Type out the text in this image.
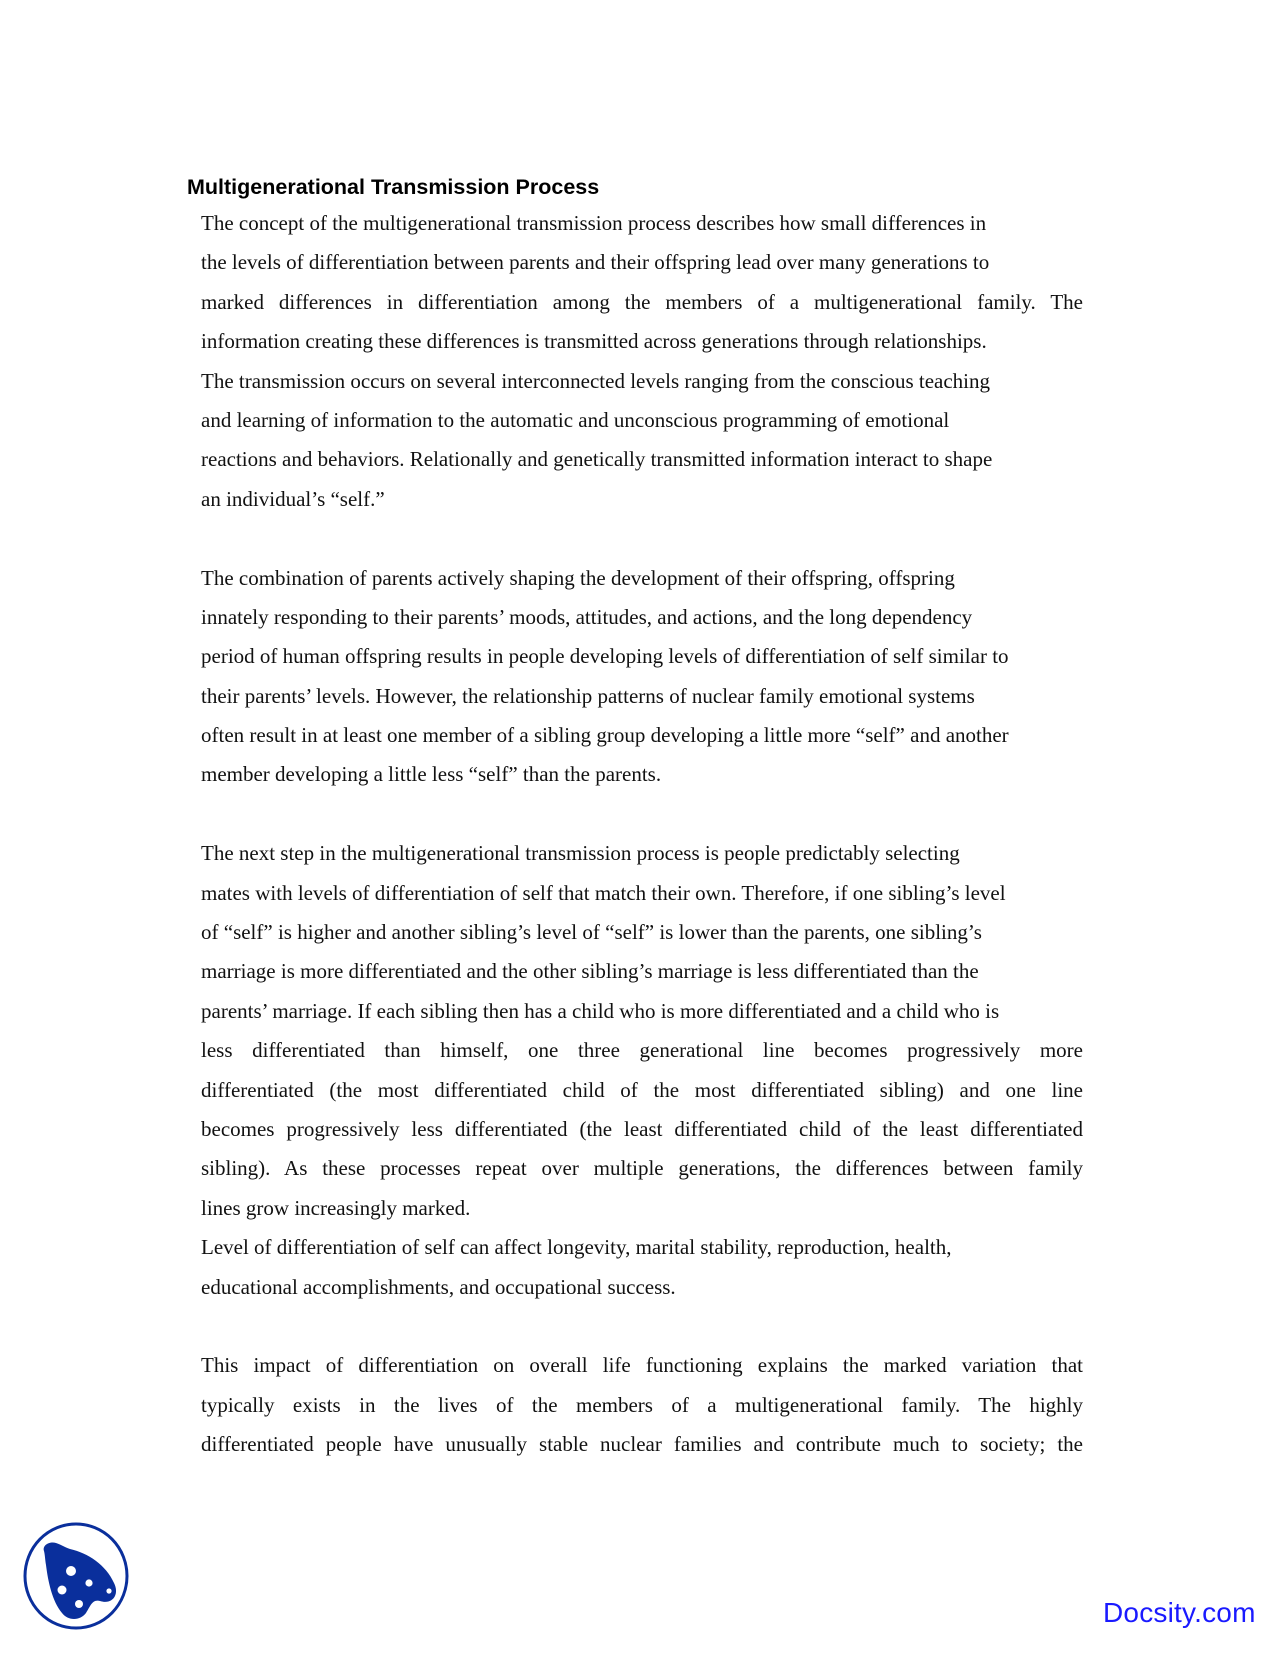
Multigenerational Transmission Process
The concept of the multigenerational transmission process describes how small differences in
the levels of differentiation between parents and their offspring lead over many generations to
marked differences in differentiation among the members of a multigenerational family. The
information creating these differences is transmitted across generations through relationships.
The transmission occurs on several interconnected levels ranging from the conscious teaching
and learning of information to the automatic and unconscious programming of emotional
reactions and behaviors. Relationally and genetically transmitted information interact to shape
an individual’s “self.”
The combination of parents actively shaping the development of their offspring, offspring
innately responding to their parents’ moods, attitudes, and actions, and the long dependency
period of human offspring results in people developing levels of differentiation of self similar to
their parents’ levels. However, the relationship patterns of nuclear family emotional systems
often result in at least one member of a sibling group developing a little more “self” and another
member developing a little less “self” than the parents.
The next step in the multigenerational transmission process is people predictably selecting
mates with levels of differentiation of self that match their own. Therefore, if one sibling’s level
of “self” is higher and another sibling’s level of “self” is lower than the parents, one sibling’s
marriage is more differentiated and the other sibling’s marriage is less differentiated than the
parents’ marriage. If each sibling then has a child who is more differentiated and a child who is
less differentiated than himself, one three generational line becomes progressively more
differentiated (the most differentiated child of the most differentiated sibling) and one line
becomes progressively less differentiated (the least differentiated child of the least differentiated
sibling). As these processes repeat over multiple generations, the differences between family
lines grow increasingly marked.
Level of differentiation of self can affect longevity, marital stability, reproduction, health,
educational accomplishments, and occupational success.
This impact of differentiation on overall life functioning explains the marked variation that
typically exists in the lives of the members of a multigenerational family. The highly
differentiated people have unusually stable nuclear families and contribute much to society; the
Docsity.com
